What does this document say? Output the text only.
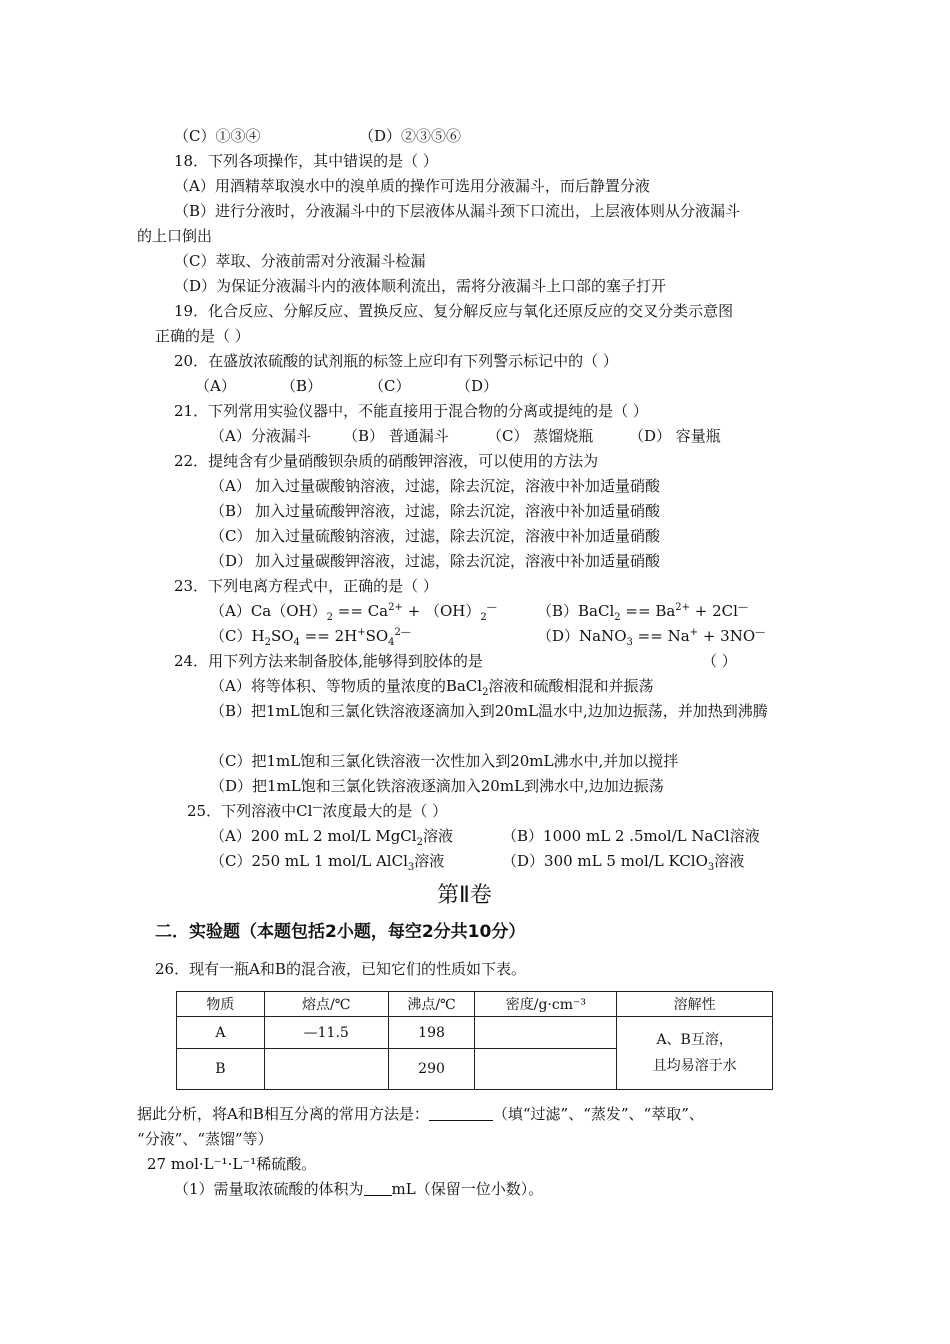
（C）①③④	（D）②③⑤⑥
18．下列各项操作，其中错误的是（ ）
（A）用酒精萃取溴水中的溴单质的操作可选用分液漏斗，而后静置分液
（B）进行分液时，分液漏斗中的下层液体从漏斗颈下口流出，上层液体则从分液漏斗
的上口倒出
（C）萃取、分液前需对分液漏斗检漏
（D）为保证分液漏斗内的液体顺利流出，需将分液漏斗上口部的塞子打开
19．化合反应、分解反应、置换反应、复分解反应与氧化还原反应的交叉分类示意图
正确的是（ ）
20．在盛放浓硫酸的试剂瓶的标签上应印有下列警示标记中的（ ）
（A）	（B）	（C）	（D）
21．下列常用实验仪器中，不能直接用于混合物的分离或提纯的是（ ）
（A）分液漏斗 （B） 普通漏斗	（C） 蒸馏烧瓶 （D） 容量瓶
22．提纯含有少量硝酸钡杂质的硝酸钾溶液，可以使用的方法为
（A） 加入过量碳酸钠溶液，过滤，除去沉淀，溶液中补加适量硝酸
（B） 加入过量硫酸钾溶液，过滤，除去沉淀，溶液中补加适量硝酸
（C） 加入过量硫酸钠溶液，过滤，除去沉淀，溶液中补加适量硝酸
（D） 加入过量碳酸钾溶液，过滤，除去沉淀，溶液中补加适量硝酸
23．下列电离方程式中，正确的是（ ）
$(A)Ca(OH)_2 == Ca^{2+} + (OH)_2^—$	（B）BaCl$_2$ == $Ba^{2+} + 2Cl^—$
$(C)H_2SO_4 == 2H^+SO_4^{2—}$	（D）NaNO$_3$ == Na+ + 3NO—
24．用下列方法来制备胶体,能够得到胶体的是	（ ）
（A）将等体积、等物质的量浓度的BaCl$_2$溶液和硫酸相混和并振荡
（B）把1mL饱和三氯化铁溶液逐滴加入到20mL温水中,边加边振荡，并加热到沸腾
（C）把1mL饱和三氯化铁溶液一次性加入到20mL沸水中,并加以搅拌
（D）把1mL饱和三氯化铁溶液逐滴加入20mL到沸水中,边加边振荡
25．下列溶液中Cl—浓度最大的是（ ）
（A）200 mL 2 mol/L MgCl$_2$溶液	（B）1000 mL 2 .5mol/L NaCl溶液
（C）250 mL 1 mol/L AlCl$_3$溶液	（D）300 mL 5 mol/L KClO$_3$溶液
第Ⅱ卷
二．实验题（本题包括2小题，每空2分共10分）
26．现有一瓶A和B的混合液，已知它们的性质如下表。
物质	熔点/℃	沸点/℃	密度/g·cm⁻³	溶解性
A	—11.5	198		A、B互溶，
且均易溶于水

B		290		
据此分析，将A和B相互分离的常用方法是：	（填“过滤”、“蒸发”、“萃取”、
“分液”、“蒸馏”等）
27 mol·L⁻¹·L⁻¹稀硫酸。
（1）需量取浓硫酸的体积为 mL（保留一位小数）。
